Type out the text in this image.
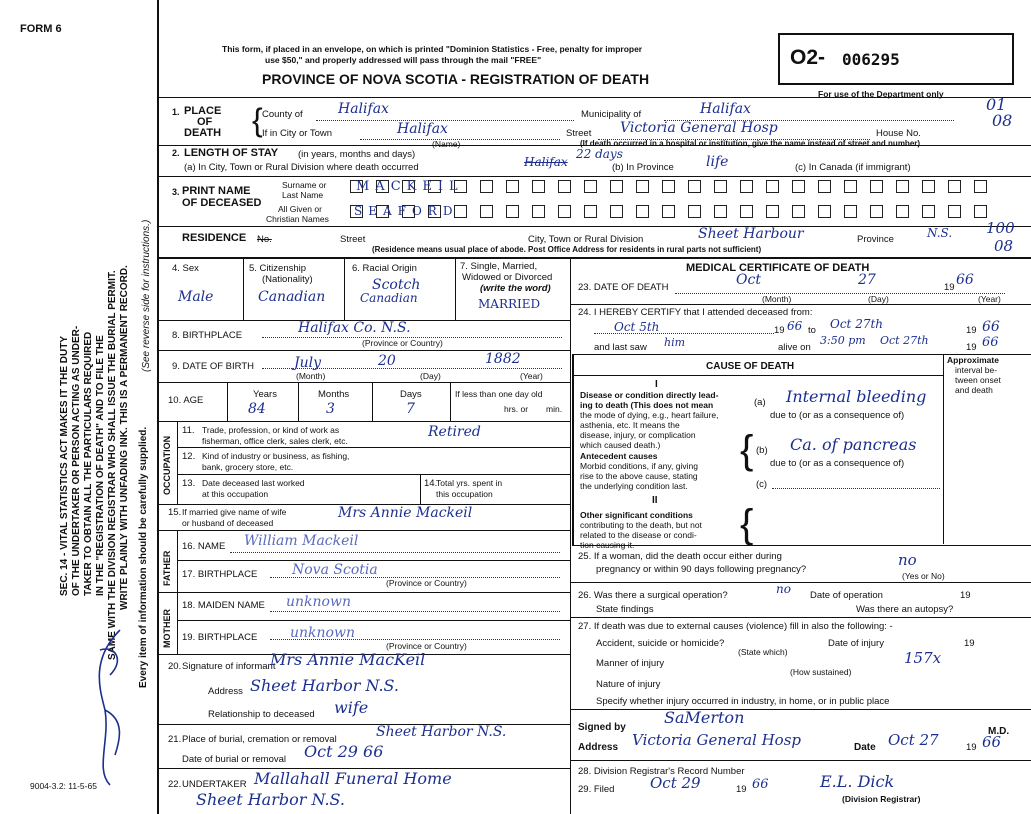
FORM 6
This form, if placed in an envelope, on which is printed "Dominion Statistics - Free, penalty for improper
use $50," and properly addressed will pass through the mail "FREE"
PROVINCE OF NOVA SCOTIA - REGISTRATION OF DEATH
O2- 006295
For use of the Department only
01
08
SEC. 14 - VITAL STATISTICS ACT MAKES IT THE DUTY OF THE UNDERTAKER OR PERSON ACTING AS UNDER- TAKER TO OBTAIN ALL THE PARTICULARS REQUIRED IN THE "REGISTRATION OF DEATH" AND TO FILE THE SAME WITH THE DIVISION REGISTRAR WHO SHALL ISSUE THE BURIAL PERMIT. WRITE PLAINLY WITH UNFADING INK. THIS IS A PERMANENT RECORD. (See reverse side for instructions.)
Every item of information should be carefully supplied.
9004-3.2: 11-5-65
1. PLACE
OF
DEATH { County of	Halifax	Municipality of	Halifax
If in City or Town	Halifax
(Name)
Street Victoria General Hosp	House No.
(If death occurred in a hospital or institution, give the name instead of street and number)
2. LENGTH OF STAY (in years, months and days)
(a) In City, Town or Rural Division where death occurred	Halifax
22 days
(b) In Province life	(c) In Canada (if immigrant)
3. PRINT NAME
OF DECEASED
Surname or
Last Name
All Given or
Christian Names
MACKEIL
SEAFORD
RESIDENCE No.	Street	City, Town or Rural Division	Sheet Harbour	Province	N.S.
(Residence means usual place of abode. Post Office Address for residents in rural parts not sufficient)
100
08
4. Sex
Male
5. Citizenship
(Nationality)
Canadian
6. Racial Origin
Scotch
Canadian
7. Single, Married,
Widowed or Divorced
(write the word)
MARRIED
8. BIRTHPLACE	Halifax Co. N.S.
(Province or Country)
9. DATE OF BIRTH	July	20	1882
(Month)	(Day)	(Year)
10. AGE
Years	Months	Days
84	3	7
If less than one day old
hrs. or min.
OCCUPATION
11. Trade, profession, or kind of work as
fisherman, office clerk, sales clerk, etc.
Retired
12. Kind of industry or business, as fishing,
bank, grocery store, etc.
13. Date deceased last worked
at this occupation
14.
Total yrs. spent in
this occupation
15. If married give name of wife
or husband of deceased
Mrs Annie Mackeil
FATHER
16. NAME William Mackeil
17. BIRTHPLACE Nova Scotia
(Province or Country)
MOTHER
18. MAIDEN NAME unknown
19. BIRTHPLACE unknown
(Province or Country)
20. Signature of informant
Mrs Annie MacKeil
Address Sheet Harbor N.S.
Relationship to deceased wife
21. Place of burial, cremation or removal	Sheet Harbor N.S.
Date of burial or removal Oct 29 66
22. UNDERTAKER Mallahall Funeral Home
Sheet Harbor N.S.
MEDICAL CERTIFICATE OF DEATH
23. DATE OF DEATH	Oct	27	19 66
(Month)	(Day)	(Year)
24. I HEREBY CERTIFY that I attended deceased from:
Oct 5th	19 66 to Oct 27th	19 66
and last saw him	alive on
3:50 pm Oct 27th
19 66
CAUSE OF DEATH
Approximate
interval be-
tween onset
and death
I
Disease or condition directly lead-
ing to death (This does not mean
the mode of dying, e.g., heart failure,
asthenia, etc. It means the
disease, injury, or complication
which caused death.)
(a) Internal bleeding
due to (or as a consequence of)
{
Antecedent causes
Morbid conditions, if any, giving
rise to the above cause, stating
the underlying condition last.
(b) Ca. of pancreas
due to (or as a consequence of)
(c)
II
{
Other significant conditions
contributing to the death, but not
related to the disease or condi-
tion causing it.
25. If a woman, did the death occur either during
pregnancy or within 90 days following pregnancy?
no
(Yes or No)
26. Was there a surgical operation?	no Date of operation	19
State findings	Was there an autopsy?
27. If death was due to external causes (violence) fill in also the following: -
Accident, suicide or homicide?	Date of injury	19
(State which)
Manner of injury	157x
(How sustained)
Nature of injury
Specify whether injury occurred in industry, in home, or in public place
Signed by
SaMerton
M.D.
Address Victoria General Hosp	Date Oct 27	19 66
28. Division Registrar's Record Number
29. Filed Oct 29	19 66	E.L. Dick
(Division Registrar)
